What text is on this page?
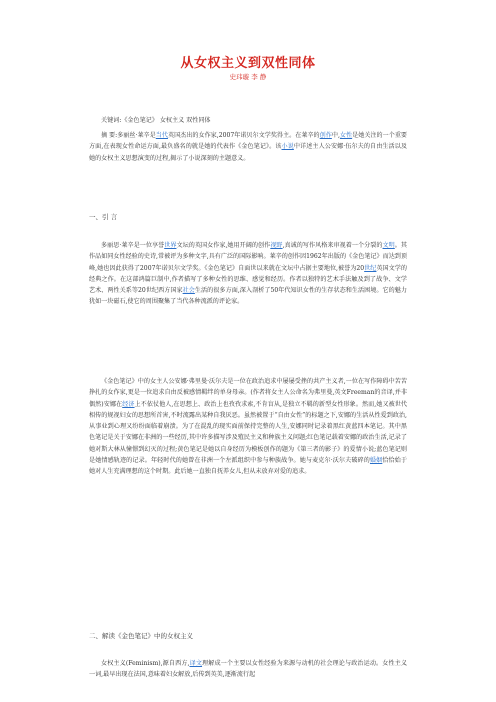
从女权主义到双性同体
史玮璇 李 静
关键词:《金色笔记》 女权主义 双性同体
摘 要:多丽丝·莱辛是当代英国杰出的女作家,2007年诺贝尔文学奖得主。在莱辛的创作中,女性是她关注的一个重要方面,在表现女性命运方面,最负盛名的就是她的代表作《金色笔记》。该小说中详述主人公安娜·伍尔夫的自由生活以及她的女权主义思想演变的过程,揭示了小说深刻的主题意义。
一、引 言
多丽思·莱辛是一位享誉世界文坛的英国女作家,她用开阔的创作视野,真诚的写作风格来审视着一个分裂的文明。其作品如同女性经验的史诗,常被评为多种文字,具有广泛的国际影响。莱辛的创作因1962年出版的《金色笔记》而达到顶峰,她也因此获得了2007年诺贝尔文学奖。《金色笔记》自面世以来就在文坛中占据主要地位,被誉为20世纪英国文学的经典之作。在这部鸿篇巨制中,作者描写了多种女性的思维、感觉和经历。作者以独特的艺术手法触及到了战争、文学艺术、两性关系等20世纪西方国家社会生活的很多方面,深入剖析了50年代知识女性的生存状态和生活困境。它的魅力犹如一块磁石,使它的周围聚集了当代各种流派的评论家。
《金色笔记》中的女主人公安娜·弗里曼·沃尔夫是一位在政治追求中屡屡受挫的共产主义者,一位在写作障碍中苦苦挣扎的女作家,更是一位追求自由反被感情羁绊的单身母亲。(作者将女主人公命名为弗里曼,英文Freeman的音译,并非偶然)安娜在经济上不依仗他人,在思想上、政治上也孜孜求索,不肯盲从,是独立不羁的新型女性形象。然而,她又被世代相传的规视妇女的思想所首害,不时流露出某种自我厌恶。虽然被置于“自由女性”的标题之下,安娜的生活从性爱到政治,从事业到心理又纷纷面临着崩溃。为了在混乱的现实面前保持完整的人生,安娜同时记录着黑红黄蓝四本笔记。其中黑色笔记是关于安娜在非洲的一些经历,其中许多描写涉及殖民主义和种族主义问题;红色笔记载着安娜的政治生活,记录了她对斯大林从憧憬到幻灭的过程;黄色笔记是她以自身经历为模板创作的题为《第三者的影子》的爱情小说;蓝色笔记则是她情感轨迹的记录。年轻时代的她曾在非洲一个左派组织中参与种族战争。她与麦克尔·沃尔夫破碎的婚姻恰恰始于她对人生充满理想的这个时期。此后她一直独自抚养女儿,但从未放弃对爱的追求。
二、解读《金色笔记》中的女权主义
女权主义(Feminism),源自西方,译文理解成一个主要以女性经验为来源与动机的社会理论与政治运动。女性主义一词,最早出现在法国,意味着妇女解放,后传到英美,逐渐流行起
